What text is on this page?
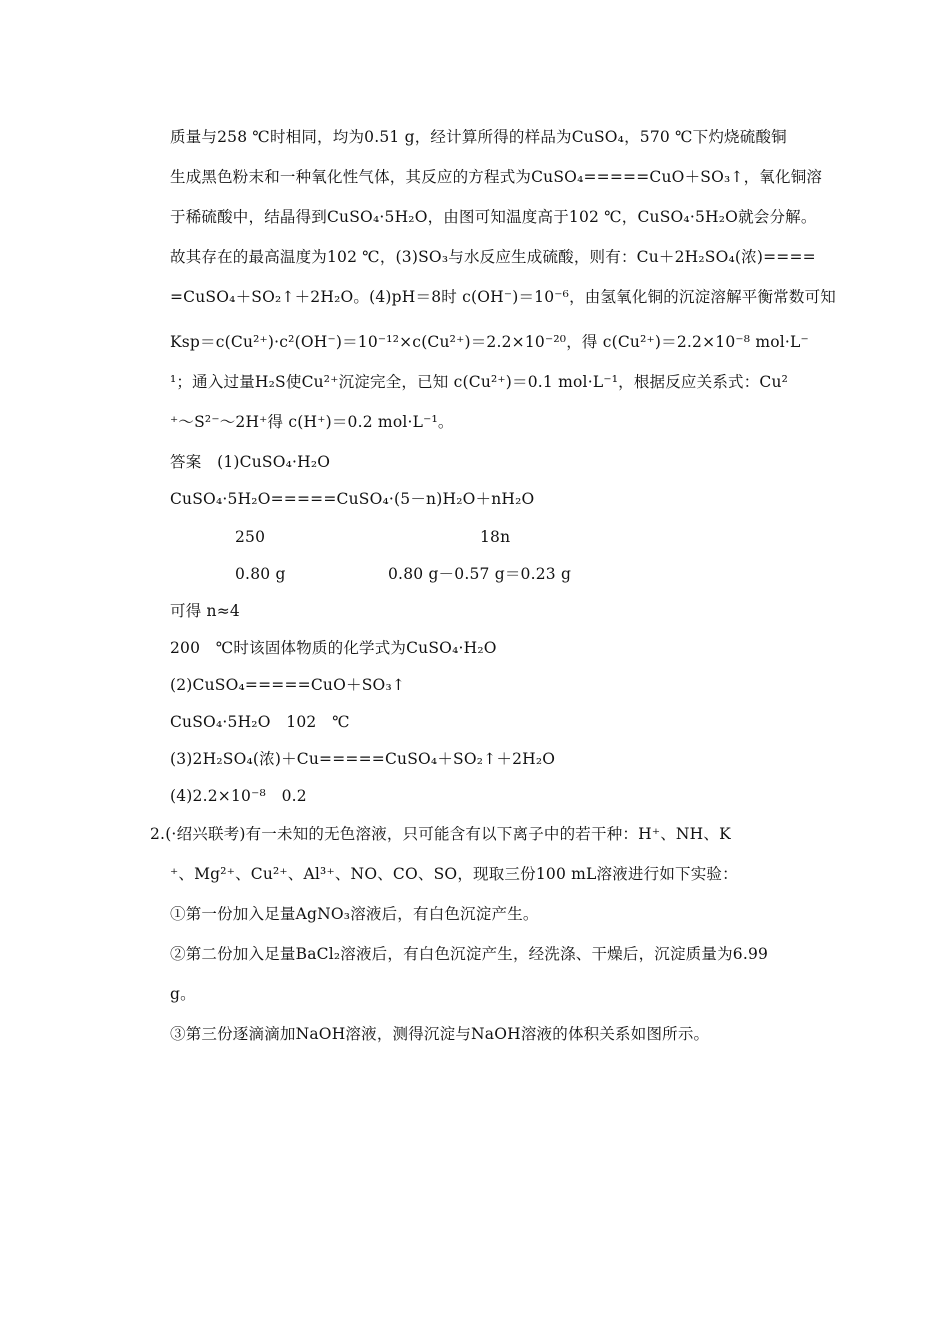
质量与258 ℃时相同，均为0.51 g，经计算所得的样品为CuSO₄，570 ℃下灼烧硫酸铜
生成黑色粉末和一种氧化性气体，其反应的方程式为CuSO₄=====CuO＋SO₃↑，氧化铜溶
于稀硫酸中，结晶得到CuSO₄·5H₂O，由图可知温度高于102 ℃，CuSO₄·5H₂O就会分解。
故其存在的最高温度为102 ℃，(3)SO₃与水反应生成硫酸，则有：Cu＋2H₂SO₄(浓)====
=CuSO₄＋SO₂↑＋2H₂O。(4)pH＝8时 c(OH⁻)＝10⁻⁶，由氢氧化铜的沉淀溶解平衡常数可知
Ksp＝c(Cu²⁺)·c²(OH⁻)＝10⁻¹²×c(Cu²⁺)＝2.2×10⁻²⁰，得 c(Cu²⁺)＝2.2×10⁻⁸ mol·L⁻
¹；通入过量H₂S使Cu²⁺沉淀完全，已知 c(Cu²⁺)＝0.1 mol·L⁻¹，根据反应关系式：Cu²
⁺～S²⁻～2H⁺得 c(H⁺)＝0.2 mol·L⁻¹。
答案　(1)CuSO₄·H₂O
CuSO₄·5H₂O=====CuSO₄·(5－n)H₂O＋nH₂O
250	18n
0.80 g	0.80 g－0.57 g＝0.23 g
可得 n≈4
200　℃时该固体物质的化学式为CuSO₄·H₂O
(2)CuSO₄=====CuO＋SO₃↑
CuSO₄·5H₂O　102　℃
(3)2H₂SO₄(浓)＋Cu=====CuSO₄＋SO₂↑＋2H₂O
(4)2.2×10⁻⁸　0.2
2.(·绍兴联考)有一未知的无色溶液，只可能含有以下离子中的若干种：H⁺、NH、K
⁺、Mg²⁺、Cu²⁺、Al³⁺、NO、CO、SO，现取三份100 mL溶液进行如下实验：
①第一份加入足量AgNO₃溶液后，有白色沉淀产生。
②第二份加入足量BaCl₂溶液后，有白色沉淀产生，经洗涤、干燥后，沉淀质量为6.99
g。
③第三份逐滴滴加NaOH溶液，测得沉淀与NaOH溶液的体积关系如图所示。
